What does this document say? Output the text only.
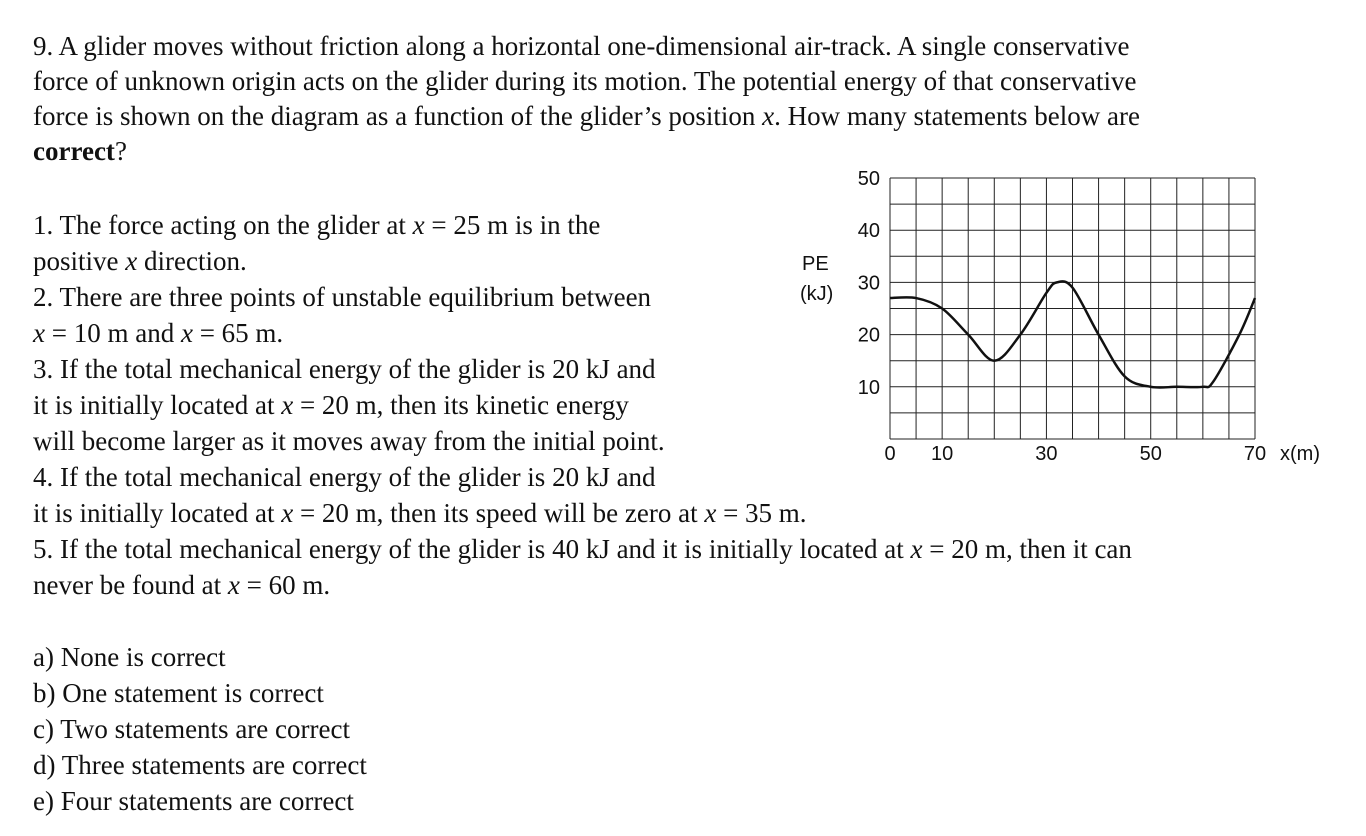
9. A glider moves without friction along a horizontal one-dimensional air-track. A single conservative
force of unknown origin acts on the glider during its motion. The potential energy of that conservative
force is shown on the diagram as a function of the glider’s position x. How many statements below are
correct?
1. The force acting on the glider at x = 25 m is in the
positive x direction.
2. There are three points of unstable equilibrium between
x = 10 m and x = 65 m.
3. If the total mechanical energy of the glider is 20 kJ and
it is initially located at x = 20 m, then its kinetic energy
will become larger as it moves away from the initial point.
4. If the total mechanical energy of the glider is 20 kJ and
it is initially located at x = 20 m, then its speed will be zero at x = 35 m.
5. If the total mechanical energy of the glider is 40 kJ and it is initially located at x = 20 m, then it can
never be found at x = 60 m.
a) None is correct
b) One statement is correct
c) Two statements are correct
d) Three statements are correct
e) Four statements are correct
10
20
30
40
50
0 10	30	50	70
PE
(kJ)
x(m)
